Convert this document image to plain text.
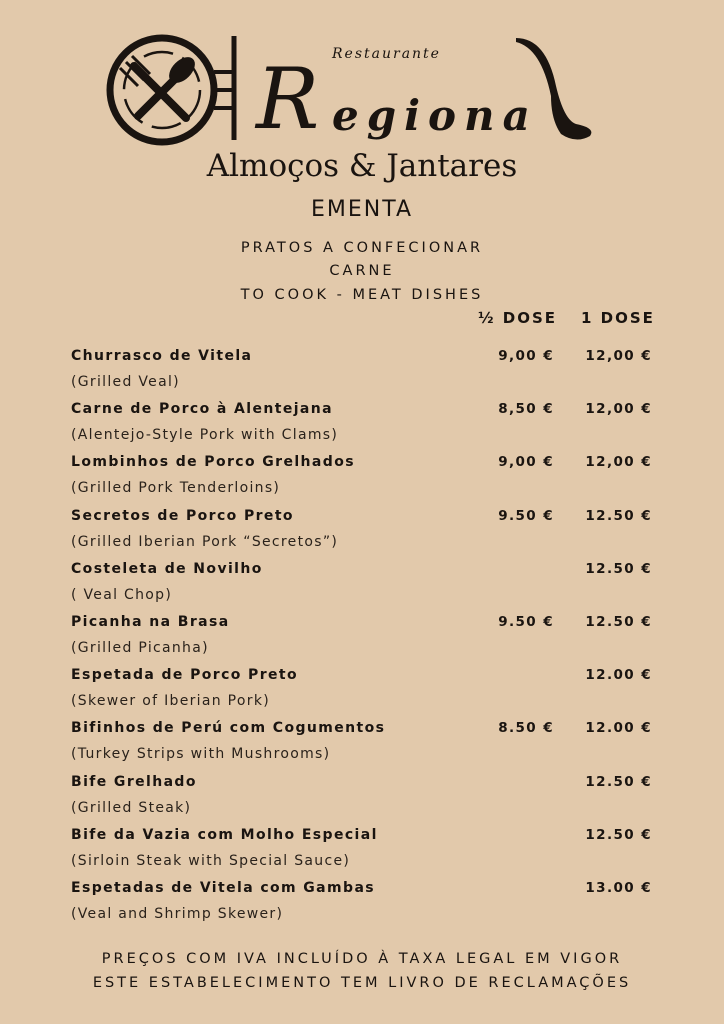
R Restaurante
egiona
Almoços & Jantares
EMENTA
PRATOS A CONFECIONAR
CARNE
TO COOK - MEAT DISHES
½ DOSE 1 DOSE
Churrasco de Vitela
(Grilled Veal)
9,00 € 12,00 €
Carne de Porco à Alentejana
(Alentejo-Style Pork with Clams)
8,50 € 12,00 €
Lombinhos de Porco Grelhados
(Grilled Pork Tenderloins)
9,00 € 12,00 €
Secretos de Porco Preto
(Grilled Iberian Pork “Secretos”)
9.50 € 12.50 €
Costeleta de Novilho
( Veal Chop)
12.50 €
Picanha na Brasa
(Grilled Picanha)
9.50 € 12.50 €
Espetada de Porco Preto
(Skewer of Iberian Pork)
12.00 €
Bifinhos de Perú com Cogumentos
(Turkey Strips with Mushrooms)
8.50 € 12.00 €
Bife Grelhado
(Grilled Steak)
12.50 €
Bife da Vazia com Molho Especial
(Sirloin Steak with Special Sauce)
12.50 €
Espetadas de Vitela com Gambas
(Veal and Shrimp Skewer)
13.00 €
PREÇOS COM IVA INCLUÍDO À TAXA LEGAL EM VIGOR
ESTE ESTABELECIMENTO TEM LIVRO DE RECLAMAÇÕES
